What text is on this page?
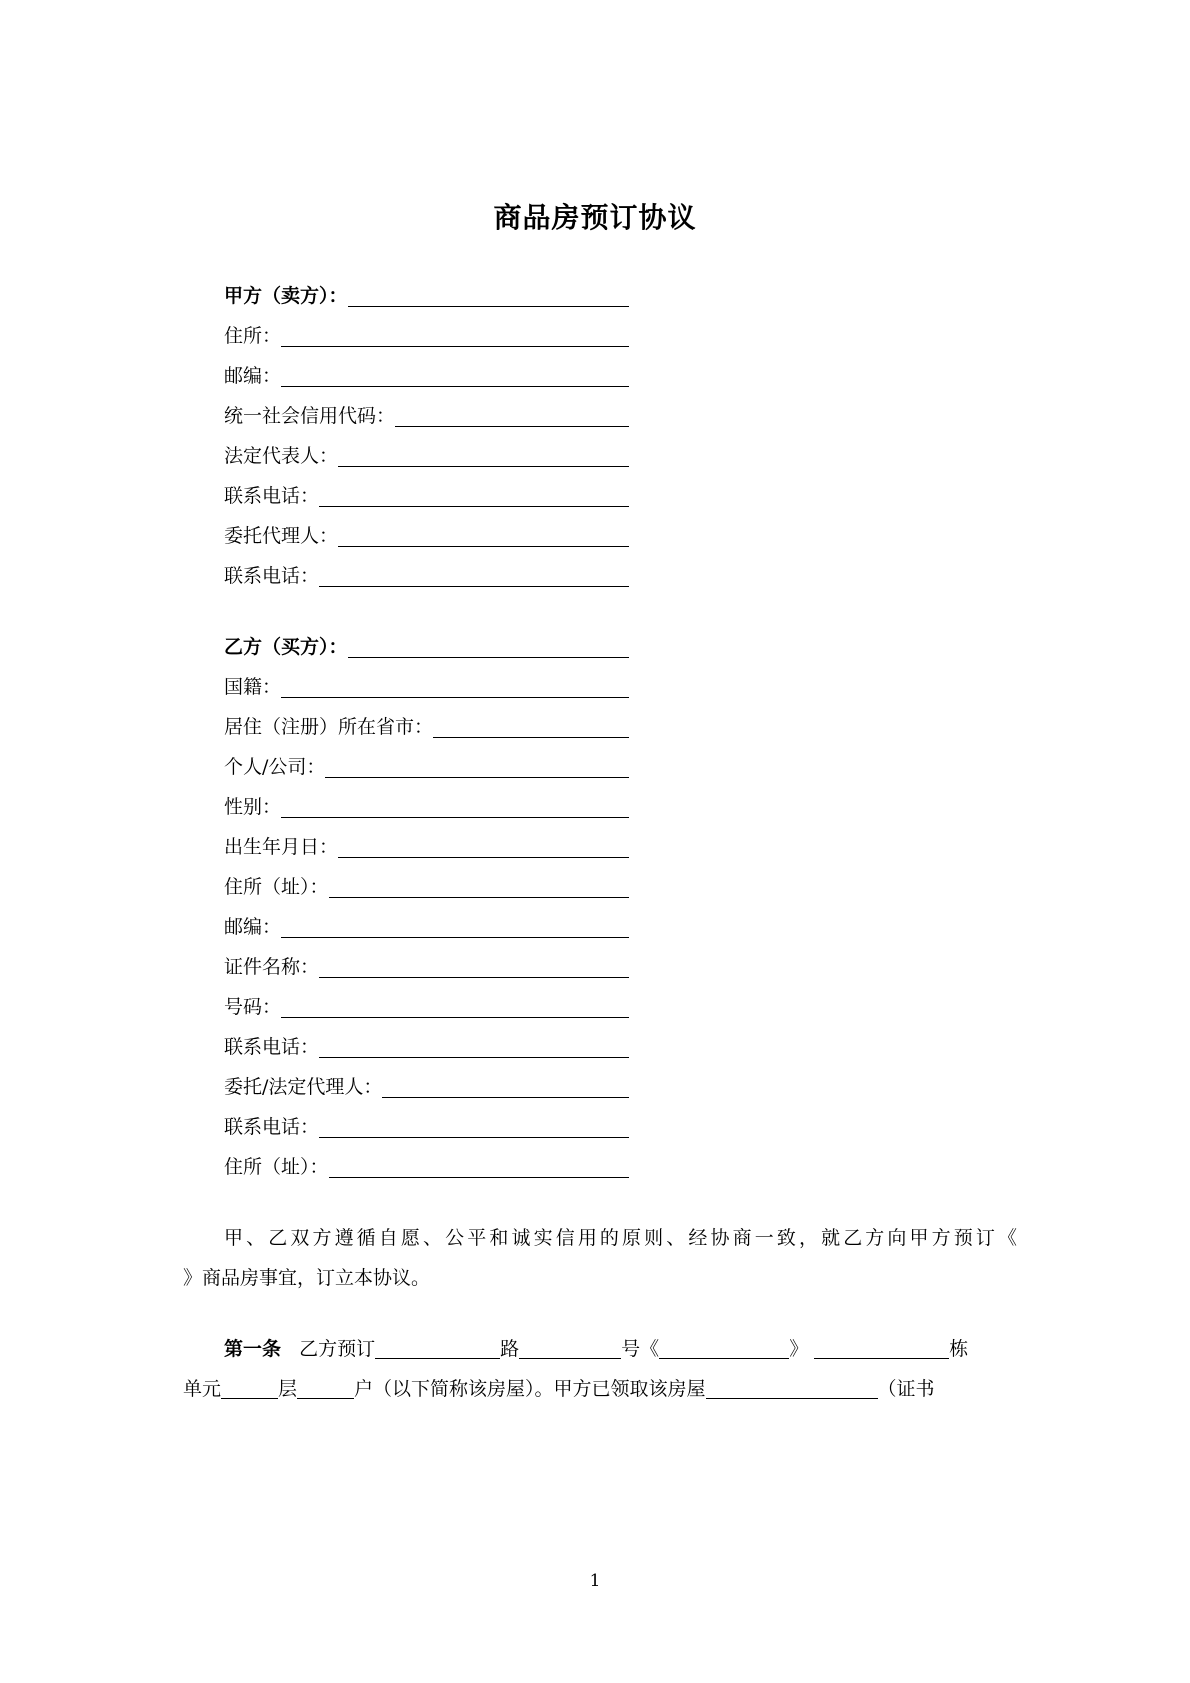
商品房预订协议
甲方（卖方）：
住所：
邮编：
统一社会信用代码：
法定代表人：
联系电话：
委托代理人：
联系电话：
乙方（买方）：
国籍：
居住（注册）所在省市：
个人/公司：
性别：
出生年月日：
住所（址）：
邮编：
证件名称：
号码：
联系电话：
委托/法定代理人：
联系电话：
住所（址）：
甲、乙双方遵循自愿、公平和诚实信用的原则、经协商一致，就乙方向甲方预订《
》商品房事宜，订立本协议。
第一条 乙方预订	路	号《	》	栋
单元	层	户（以下简称该房屋）。甲方已领取该房屋	（证书
1
